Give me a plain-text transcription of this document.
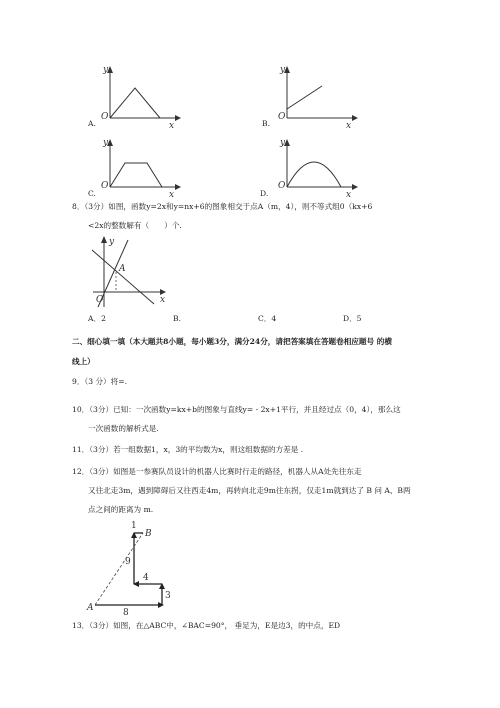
y
x
O
A.
y
x
O
B.
y
x
O
C.
y
x
O
D.
8．（3分）如图，函数y=2x和y=nx+6的图象相交于点A（m，4），则不等式组0（kx+6
<2x的整数解有（　　）个.
y
A
O	x
A．2	B.	C．4	D．5
二、细心填一填（本大题共8小题，每小题3分，满分24分，请把答案填在答题卷相应题号 的横
线上）
9．（3 分）将=.
10．（3分）已知：一次函数y=kx+b的图象与直线y= - 2x+1平行，并且经过点（0，4），那么这
一次函数的解析式是.
11．（3分）若一组数据1，x，3的平均数为x，则这组数据的方差是 .
12．（3分）如图是一参赛队员设计的机器人比赛时行走的路径，机器人从A处先往东走
又往北走3m，遇到障碍后又往西走4m，再转向北走9m往东拐，仅走1m就到达了 B 问 A、B两
点之间的距离为 m.
B
A
1
9
4
3
8
13．（3分）如图，在△ABC中，∠BAC=90°， 垂足为，E是边3，的中点，ED
